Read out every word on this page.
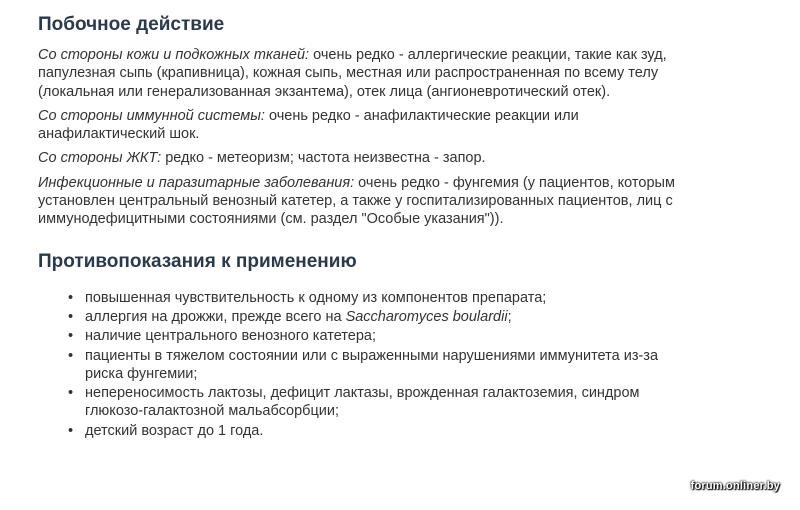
Побочное действие

Со стороны кожи и подкожных тканей: очень редко - аллергические реакции, такие как зуд, папулезная сыпь (крапивница), кожная сыпь, местная или распространенная по всему телу (локальная или генерализованная экзантема), отек лица (ангионевротический отек).

Со стороны иммунной системы: очень редко - анафилактические реакции или анафилактический шок.

Со стороны ЖКТ: редко - метеоризм; частота неизвестна - запор.

Инфекционные и паразитарные заболевания: очень редко - фунгемия (у пациентов, которым установлен центральный венозный катетер, а также у госпитализированных пациентов, лиц с иммунодефицитными состояниями (см. раздел "Особые указания")).

Противопоказания к применению
• повышенная чувствительность к одному из компонентов препарата;
• аллергия на дрожжи, прежде всего на Saccharomyces boulardii;
• наличие центрального венозного катетера;
• пациенты в тяжелом состоянии или с выраженными нарушениями иммунитета из-за риска фунгемии;
• непереносимость лактозы, дефицит лактазы, врожденная галактоземия, синдром глюкозо-галактозной мальабсорбции;
• детский возраст до 1 года.
forum.onliner.by
